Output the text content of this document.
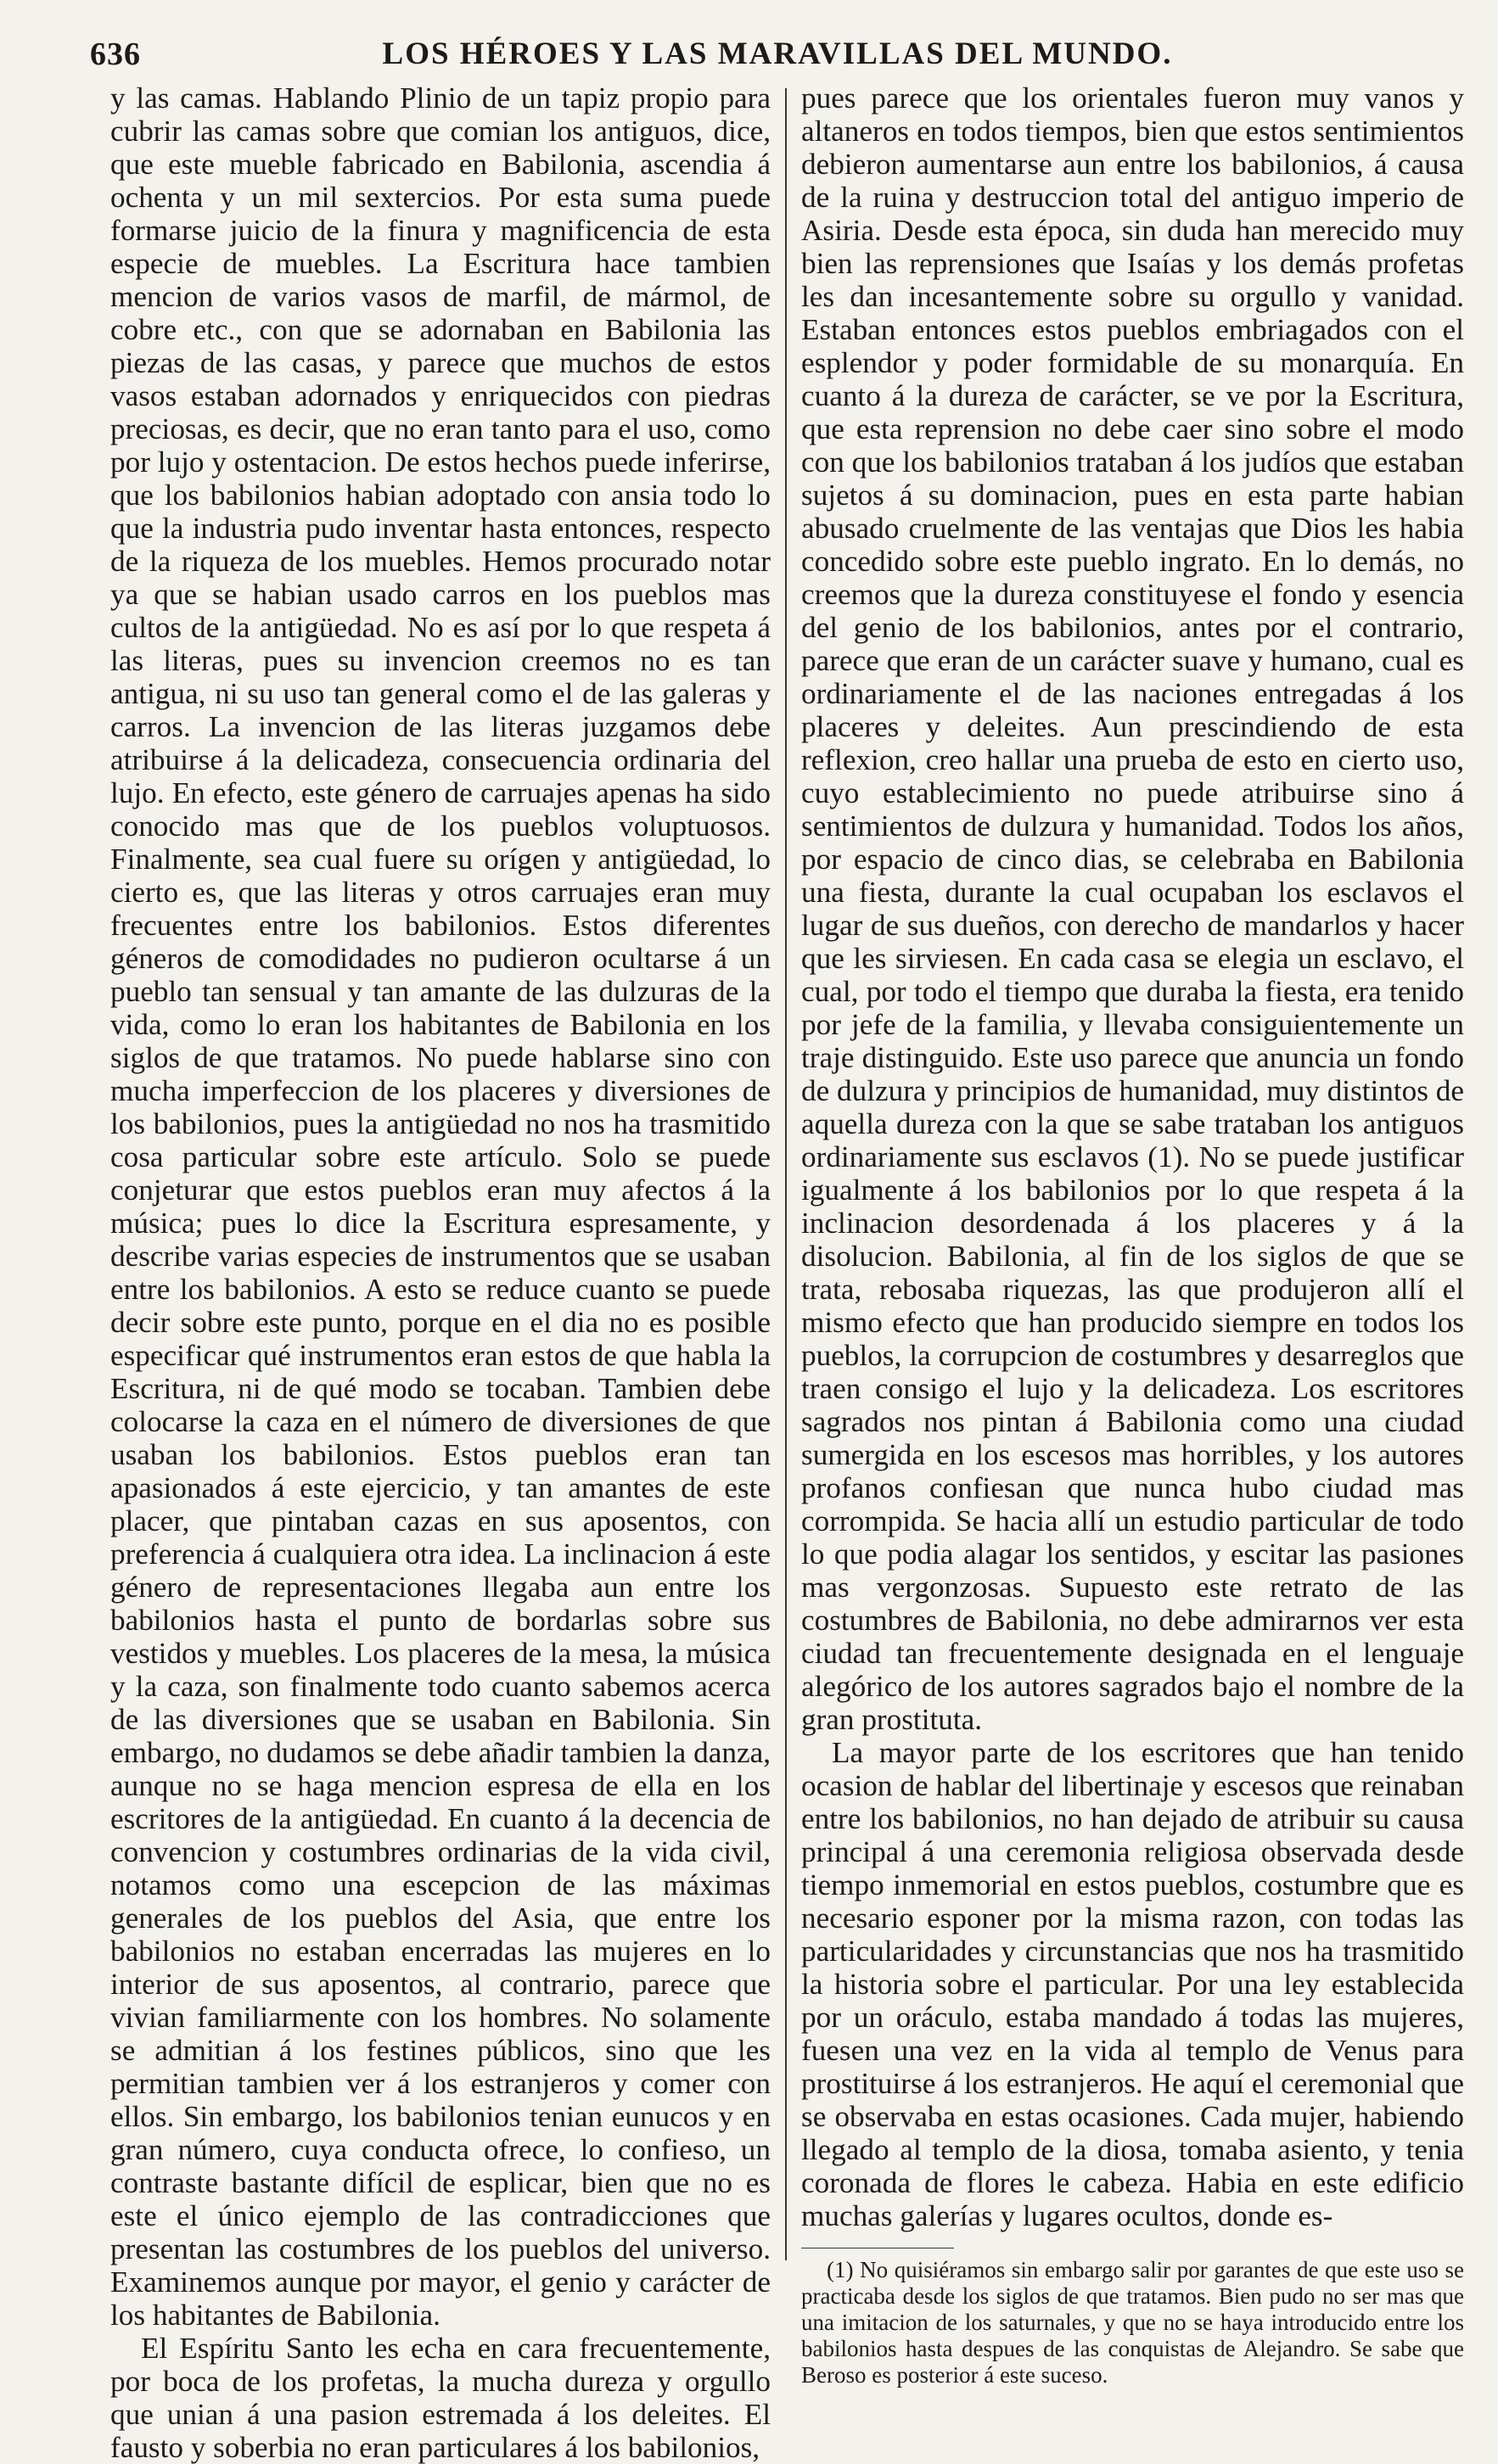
636	LOS HÉROES Y LAS MARAVILLAS DEL MUNDO.

y las camas. Hablando Plinio de un tapiz propio para cubrir las camas sobre que comian los antiguos, dice, que este mueble fabricado en Babilonia, ascendia á ochenta y un mil sextercios. Por esta suma puede formarse juicio de la finura y magnificencia de esta especie de muebles. La Escritura hace tambien mencion de varios vasos de marfil, de mármol, de cobre etc., con que se adornaban en Babilonia las piezas de las casas, y parece que muchos de estos vasos estaban adornados y enriquecidos con piedras preciosas, es decir, que no eran tanto para el uso, como por lujo y ostentacion. De estos hechos puede inferirse, que los babilonios habian adoptado con ansia todo lo que la industria pudo inventar hasta entonces, respecto de la riqueza de los muebles. Hemos procurado notar ya que se habian usado carros en los pueblos mas cultos de la antigüedad. No es así por lo que respeta á las literas, pues su invencion creemos no es tan antigua, ni su uso tan general como el de las galeras y carros. La invencion de las literas juzgamos debe atribuirse á la delicadeza, consecuencia ordinaria del lujo. En efecto, este género de carruajes apenas ha sido conocido mas que de los pueblos voluptuosos. Finalmente, sea cual fuere su orígen y antigüedad, lo cierto es, que las literas y otros carruajes eran muy frecuentes entre los babilonios. Estos diferentes géneros de comodidades no pudieron ocultarse á un pueblo tan sensual y tan amante de las dulzuras de la vida, como lo eran los habitantes de Babilonia en los siglos de que tratamos. No puede hablarse sino con mucha imperfeccion de los placeres y diversiones de los babilonios, pues la antigüedad no nos ha trasmitido cosa particular sobre este artículo. Solo se puede conjeturar que estos pueblos eran muy afectos á la música; pues lo dice la Escritura espresamente, y describe varias especies de instrumentos que se usaban entre los babilonios. A esto se reduce cuanto se puede decir sobre este punto, porque en el dia no es posible especificar qué instrumentos eran estos de que habla la Escritura, ni de qué modo se tocaban. Tambien debe colocarse la caza en el número de diversiones de que usaban los babilonios. Estos pueblos eran tan apasionados á este ejercicio, y tan amantes de este placer, que pintaban cazas en sus aposentos, con preferencia á cualquiera otra idea. La inclinacion á este género de representaciones llegaba aun entre los babilonios hasta el punto de bordarlas sobre sus vestidos y muebles. Los placeres de la mesa, la música y la caza, son finalmente todo cuanto sabemos acerca de las diversiones que se usaban en Babilonia. Sin embargo, no dudamos se debe añadir tambien la danza, aunque no se haga mencion espresa de ella en los escritores de la antigüedad. En cuanto á la decencia de convencion y costumbres ordinarias de la vida civil, notamos como una escepcion de las máximas generales de los pueblos del Asia, que entre los babilonios no estaban encerradas las mujeres en lo interior de sus aposentos, al contrario, parece que vivian familiarmente con los hombres. No solamente se admitian á los festines públicos, sino que les permitian tambien ver á los estranjeros y comer con ellos. Sin embargo, los babilonios tenian eunucos y en gran número, cuya conducta ofrece, lo confieso, un contraste bastante difícil de esplicar, bien que no es este el único ejemplo de las contradicciones que presentan las costumbres de los pueblos del universo. Examinemos aunque por mayor, el genio y carácter de los habitantes de Babilonia.

El Espíritu Santo les echa en cara frecuentemente, por boca de los profetas, la mucha dureza y orgullo que unian á una pasion estremada á los deleites. El fausto y soberbia no eran particulares á los babilonios,

pues parece que los orientales fueron muy vanos y altaneros en todos tiempos, bien que estos sentimientos debieron aumentarse aun entre los babilonios, á causa de la ruina y destruccion total del antiguo imperio de Asiria. Desde esta época, sin duda han merecido muy bien las reprensiones que Isaías y los demás profetas les dan incesantemente sobre su orgullo y vanidad. Estaban entonces estos pueblos embriagados con el esplendor y poder formidable de su monarquía. En cuanto á la dureza de carácter, se ve por la Escritura, que esta reprension no debe caer sino sobre el modo con que los babilonios trataban á los judíos que estaban sujetos á su dominacion, pues en esta parte habian abusado cruelmente de las ventajas que Dios les habia concedido sobre este pueblo ingrato. En lo demás, no creemos que la dureza constituyese el fondo y esencia del genio de los babilonios, antes por el contrario, parece que eran de un carácter suave y humano, cual es ordinariamente el de las naciones entregadas á los placeres y deleites. Aun prescindiendo de esta reflexion, creo hallar una prueba de esto en cierto uso, cuyo establecimiento no puede atribuirse sino á sentimientos de dulzura y humanidad. Todos los años, por espacio de cinco dias, se celebraba en Babilonia una fiesta, durante la cual ocupaban los esclavos el lugar de sus dueños, con derecho de mandarlos y hacer que les sirviesen. En cada casa se elegia un esclavo, el cual, por todo el tiempo que duraba la fiesta, era tenido por jefe de la familia, y llevaba consiguientemente un traje distinguido. Este uso parece que anuncia un fondo de dulzura y principios de humanidad, muy distintos de aquella dureza con la que se sabe trataban los antiguos ordinariamente sus esclavos (1). No se puede justificar igualmente á los babilonios por lo que respeta á la inclinacion desordenada á los placeres y á la disolucion. Babilonia, al fin de los siglos de que se trata, rebosaba riquezas, las que produjeron allí el mismo efecto que han producido siempre en todos los pueblos, la corrupcion de costumbres y desarreglos que traen consigo el lujo y la delicadeza. Los escritores sagrados nos pintan á Babilonia como una ciudad sumergida en los escesos mas horribles, y los autores profanos confiesan que nunca hubo ciudad mas corrompida. Se hacia allí un estudio particular de todo lo que podia alagar los sentidos, y escitar las pasiones mas vergonzosas. Supuesto este retrato de las costumbres de Babilonia, no debe admirarnos ver esta ciudad tan frecuentemente designada en el lenguaje alegórico de los autores sagrados bajo el nombre de la gran prostituta.

La mayor parte de los escritores que han tenido ocasion de hablar del libertinaje y escesos que reinaban entre los babilonios, no han dejado de atribuir su causa principal á una ceremonia religiosa observada desde tiempo inmemorial en estos pueblos, costumbre que es necesario esponer por la misma razon, con todas las particularidades y circunstancias que nos ha trasmitido la historia sobre el particular. Por una ley establecida por un oráculo, estaba mandado á todas las mujeres, fuesen una vez en la vida al templo de Venus para prostituirse á los estranjeros. He aquí el ceremonial que se observaba en estas ocasiones. Cada mujer, habiendo llegado al templo de la diosa, tomaba asiento, y tenia coronada de flores le cabeza. Habia en este edificio muchas galerías y lugares ocultos, donde es-

(1) No quisiéramos sin embargo salir por garantes de que este uso se practicaba desde los siglos de que tratamos. Bien pudo no ser mas que una imitacion de los saturnales, y que no se haya introducido entre los babilonios hasta despues de las conquistas de Alejandro. Se sabe que Beroso es posterior á este suceso.
